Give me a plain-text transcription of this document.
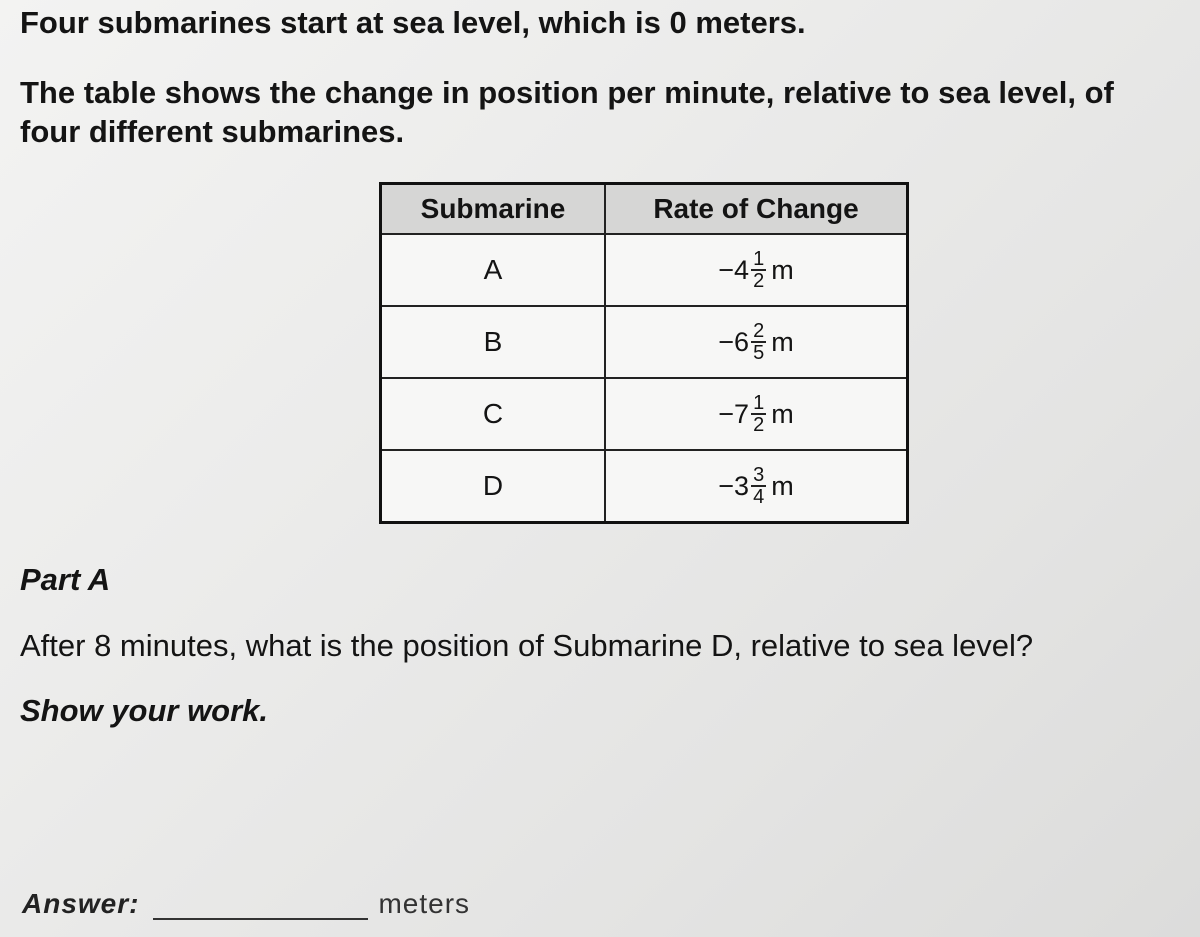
Four submarines start at sea level, which is 0 meters.

The table shows the change in position per minute, relative to sea level, of four different submarines.

Submarine	Rate of Change
A	$-4 \frac{1}{2}$ m

B	$-6 \frac{2}{5}$ m

C	$-7 \frac{1}{2}$ m

D	$-3 \frac{3}{4}$ m

Part A

After 8 minutes, what is the position of Submarine D, relative to sea level?

Show your work.

Answer:	meters
